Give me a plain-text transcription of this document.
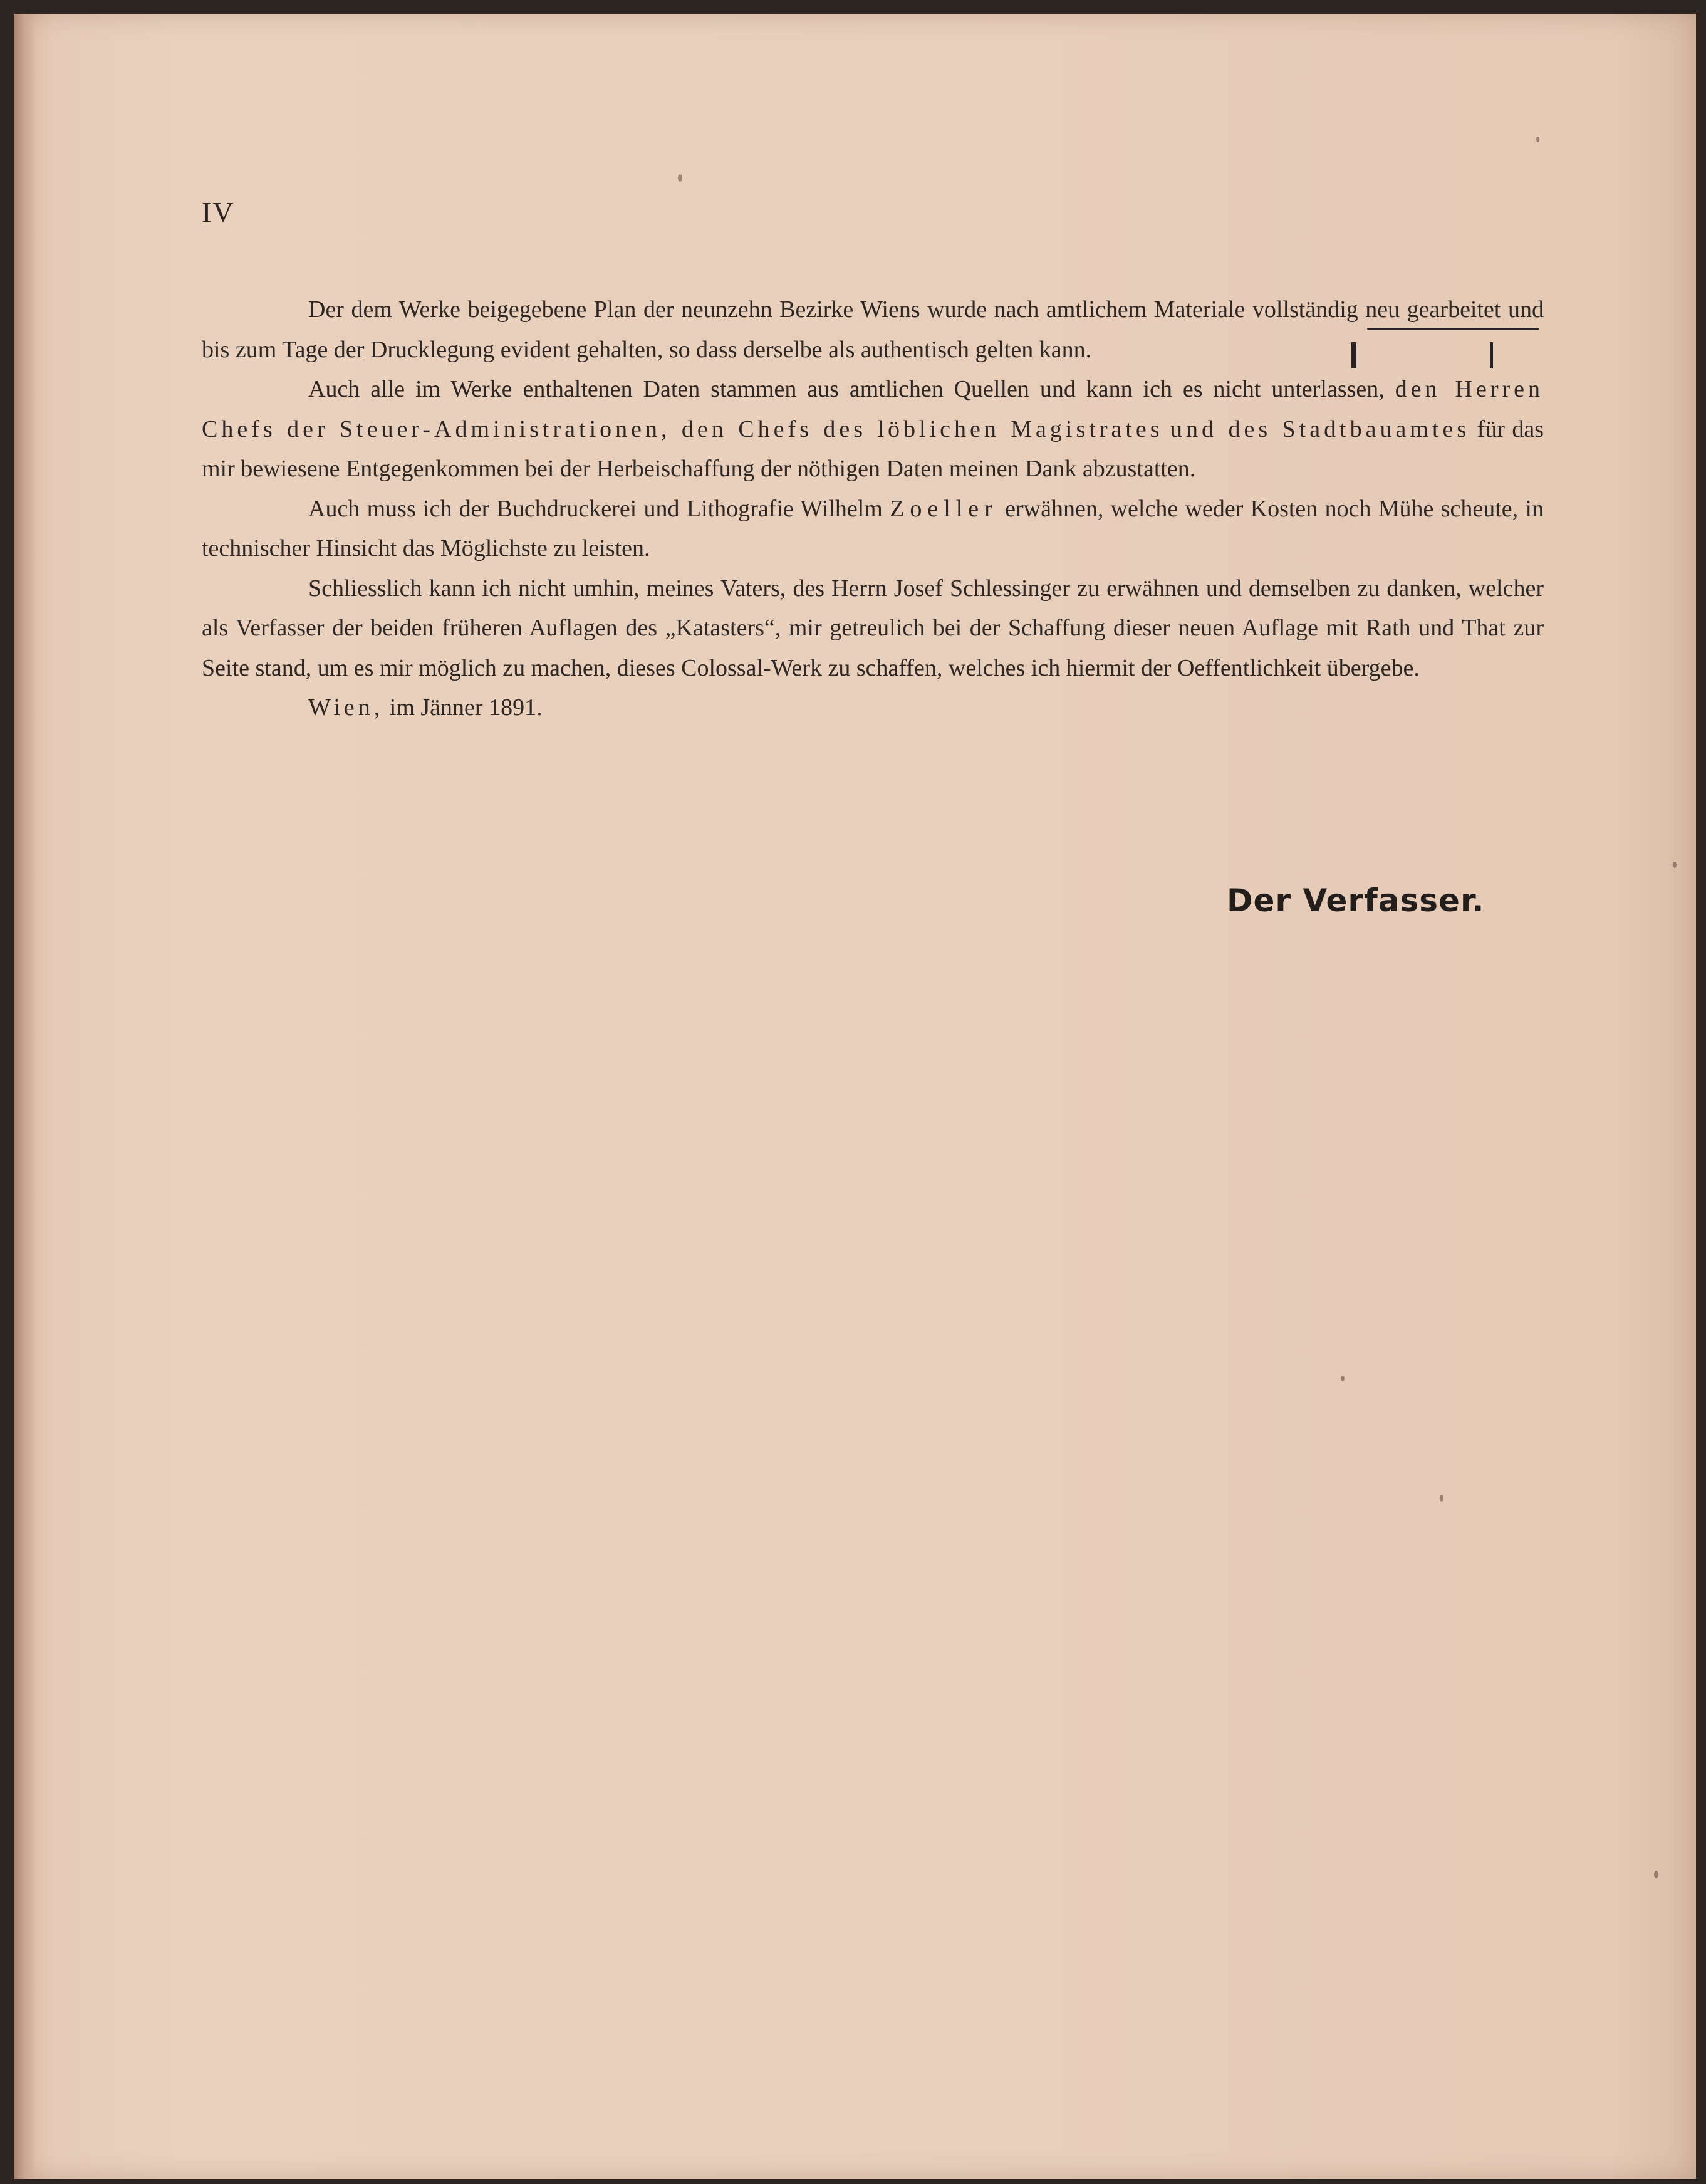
IV

Der dem Werke beigegebene Plan der neunzehn Bezirke Wiens wurde nach amtlichem Materiale vollständig neu gearbeitet und bis zum Tage der Drucklegung evident gehalten, so dass derselbe als authentisch gelten kann.

Auch alle im Werke enthaltenen Daten stammen aus amtlichen Quellen und kann ich es nicht unterlassen, den Herren Chefs der Steuer-Administrationen, den Chefs des löblichen Magistrates und des Stadtbauamtes für das mir bewiesene Entgegenkommen bei der Herbeischaffung der nöthigen Daten meinen Dank abzustatten.

Auch muss ich der Buchdruckerei und Lithografie Wilhelm Zoeller erwähnen, welche weder Kosten noch Mühe scheute, in technischer Hinsicht das Möglichste zu leisten.

Schliesslich kann ich nicht umhin, meines Vaters, des Herrn Josef Schlessinger zu erwähnen und demselben zu danken, welcher als Verfasser der beiden früheren Auflagen des „Katasters“, mir getreulich bei der Schaffung dieser neuen Auflage mit Rath und That zur Seite stand, um es mir möglich zu machen, dieses Colossal-Werk zu schaffen, welches ich hiermit der Oeffentlichkeit übergebe.

Wien, im Jänner 1891.

Der Verfasser.
